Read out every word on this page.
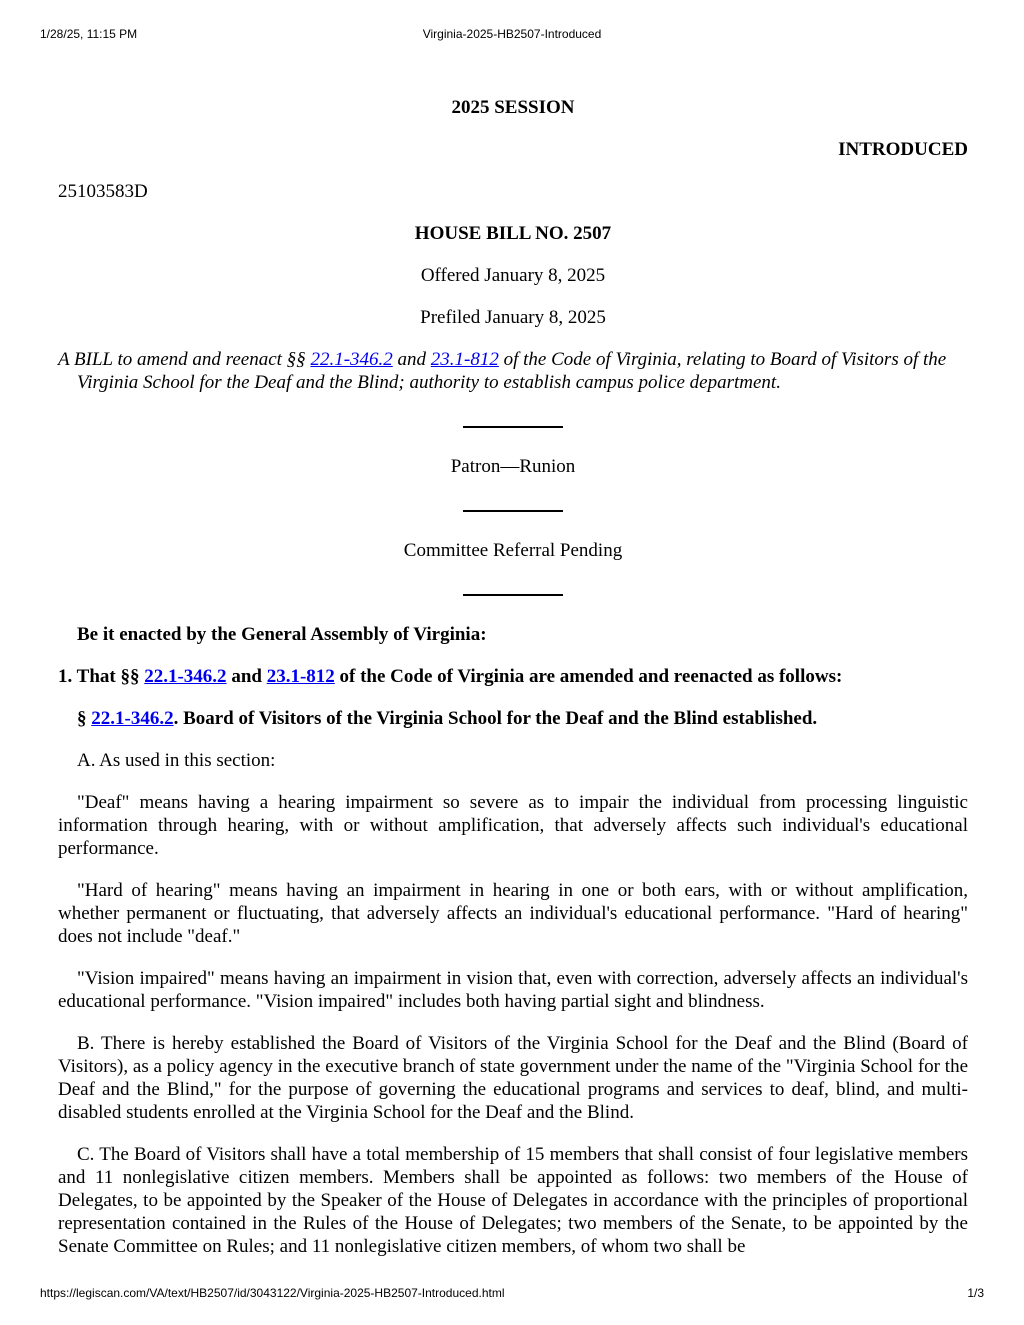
1/28/25, 11:15 PM	Virginia-2025-HB2507-Introduced

2025 SESSION

INTRODUCED

25103583D

HOUSE BILL NO. 2507

Offered January 8, 2025

Prefiled January 8, 2025

A BILL to amend and reenact §§ 22.1-346.2 and 23.1-812 of the Code of Virginia, relating to Board of Visitors of the Virginia School for the Deaf and the Blind; authority to establish campus police department.

Patron—Runion

Committee Referral Pending

Be it enacted by the General Assembly of Virginia:

1. That §§ 22.1-346.2 and 23.1-812 of the Code of Virginia are amended and reenacted as follows:

§ 22.1-346.2. Board of Visitors of the Virginia School for the Deaf and the Blind established.

A. As used in this section:

"Deaf" means having a hearing impairment so severe as to impair the individual from processing linguistic information through hearing, with or without amplification, that adversely affects such individual's educational performance.

"Hard of hearing" means having an impairment in hearing in one or both ears, with or without amplification, whether permanent or fluctuating, that adversely affects an individual's educational performance. "Hard of hearing" does not include "deaf."

"Vision impaired" means having an impairment in vision that, even with correction, adversely affects an individual's educational performance. "Vision impaired" includes both having partial sight and blindness.

B. There is hereby established the Board of Visitors of the Virginia School for the Deaf and the Blind (Board of Visitors), as a policy agency in the executive branch of state government under the name of the "Virginia School for the Deaf and the Blind," for the purpose of governing the educational programs and services to deaf, blind, and multi-disabled students enrolled at the Virginia School for the Deaf and the Blind.

C. The Board of Visitors shall have a total membership of 15 members that shall consist of four legislative members and 11 nonlegislative citizen members. Members shall be appointed as follows: two members of the House of Delegates, to be appointed by the Speaker of the House of Delegates in accordance with the principles of proportional representation contained in the Rules of the House of Delegates; two members of the Senate, to be appointed by the Senate Committee on Rules; and 11 nonlegislative citizen members, of whom two shall be

https://legiscan.com/VA/text/HB2507/id/3043122/Virginia-2025-HB2507-Introduced.html	1/3
